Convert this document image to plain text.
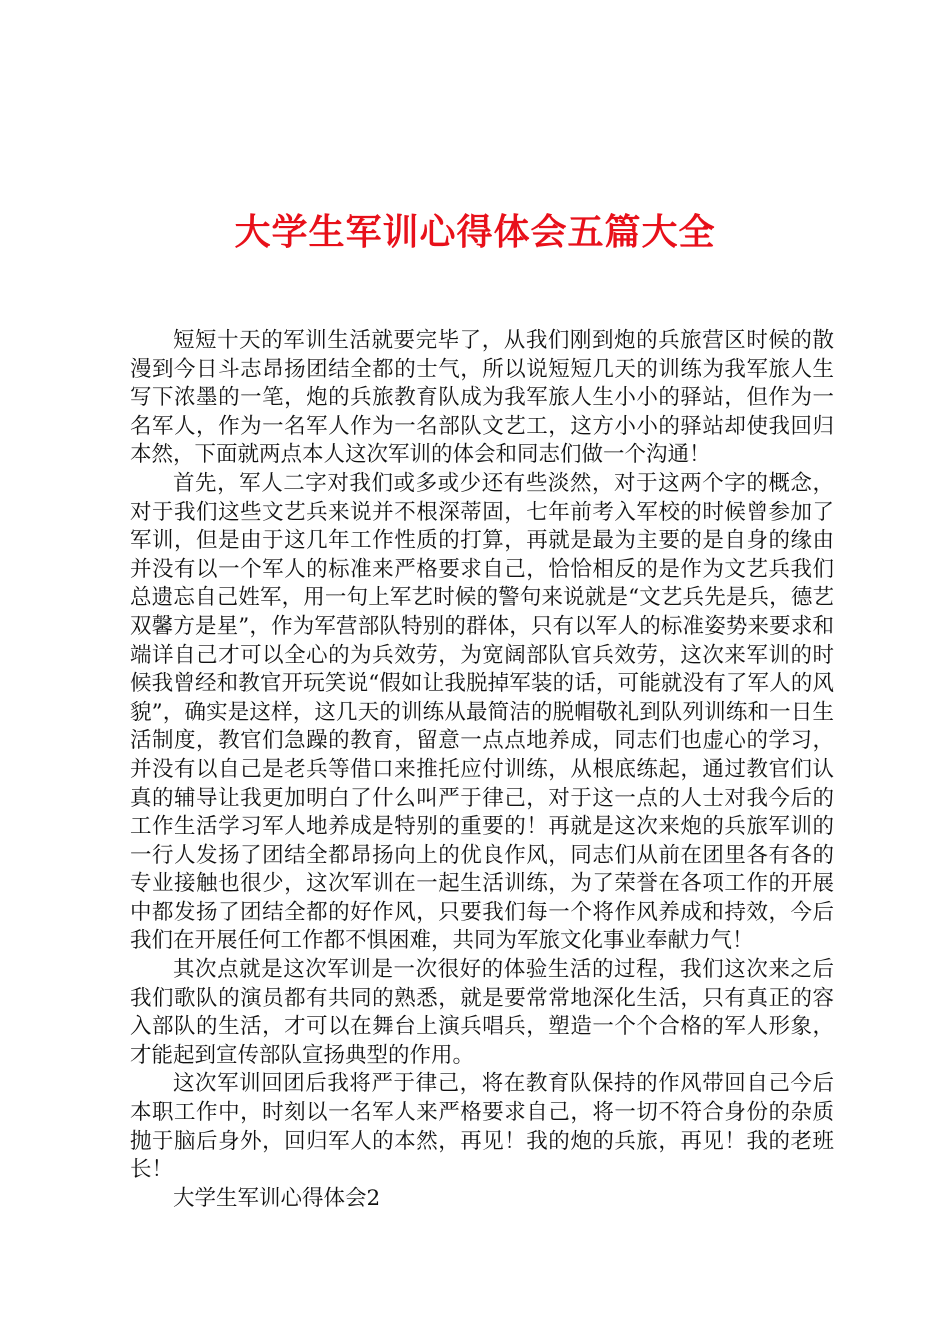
大学生军训心得体会五篇大全

短短十天的军训生活就要完毕了，从我们刚到炮的兵旅营区时候的散漫到今日斗志昂扬团结全都的士气，所以说短短几天的训练为我军旅人生写下浓墨的一笔，炮的兵旅教育队成为我军旅人生小小的驿站，但作为一名军人，作为一名军人作为一名部队文艺工，这方小小的驿站却使我回归本然，下面就两点本人这次军训的体会和同志们做一个沟通！

首先，军人二字对我们或多或少还有些淡然，对于这两个字的概念，对于我们这些文艺兵来说并不根深蒂固，七年前考入军校的时候曾参加了军训，但是由于这几年工作性质的打算，再就是最为主要的是自身的缘由并没有以一个军人的标准来严格要求自己，恰恰相反的是作为文艺兵我们总遗忘自己姓军，用一句上军艺时候的警句来说就是“文艺兵先是兵，德艺双馨方是星”，作为军营部队特别的群体，只有以军人的标准姿势来要求和端详自己才可以全心的为兵效劳，为宽阔部队官兵效劳，这次来军训的时候我曾经和教官开玩笑说“假如让我脱掉军装的话，可能就没有了军人的风貌”，确实是这样，这几天的训练从最简洁的脱帽敬礼到队列训练和一日生活制度，教官们急躁的教育，留意一点点地养成，同志们也虚心的学习，并没有以自己是老兵等借口来推托应付训练，从根底练起，通过教官们认真的辅导让我更加明白了什么叫严于律己，对于这一点的人士对我今后的工作生活学习军人地养成是特别的重要的！再就是这次来炮的兵旅军训的一行人发扬了团结全都昂扬向上的优良作风，同志们从前在团里各有各的专业接触也很少，这次军训在一起生活训练，为了荣誉在各项工作的开展中都发扬了团结全都的好作风，只要我们每一个将作风养成和持效，今后我们在开展任何工作都不惧困难，共同为军旅文化事业奉献力气！

其次点就是这次军训是一次很好的体验生活的过程，我们这次来之后我们歌队的演员都有共同的熟悉，就是要常常地深化生活，只有真正的容入部队的生活，才可以在舞台上演兵唱兵，塑造一个个合格的军人形象，才能起到宣传部队宣扬典型的作用。

这次军训回团后我将严于律己，将在教育队保持的作风带回自己今后本职工作中，时刻以一名军人来严格要求自己，将一切不符合身份的杂质抛于脑后身外，回归军人的本然，再见！我的炮的兵旅，再见！我的老班长！

大学生军训心得体会2
